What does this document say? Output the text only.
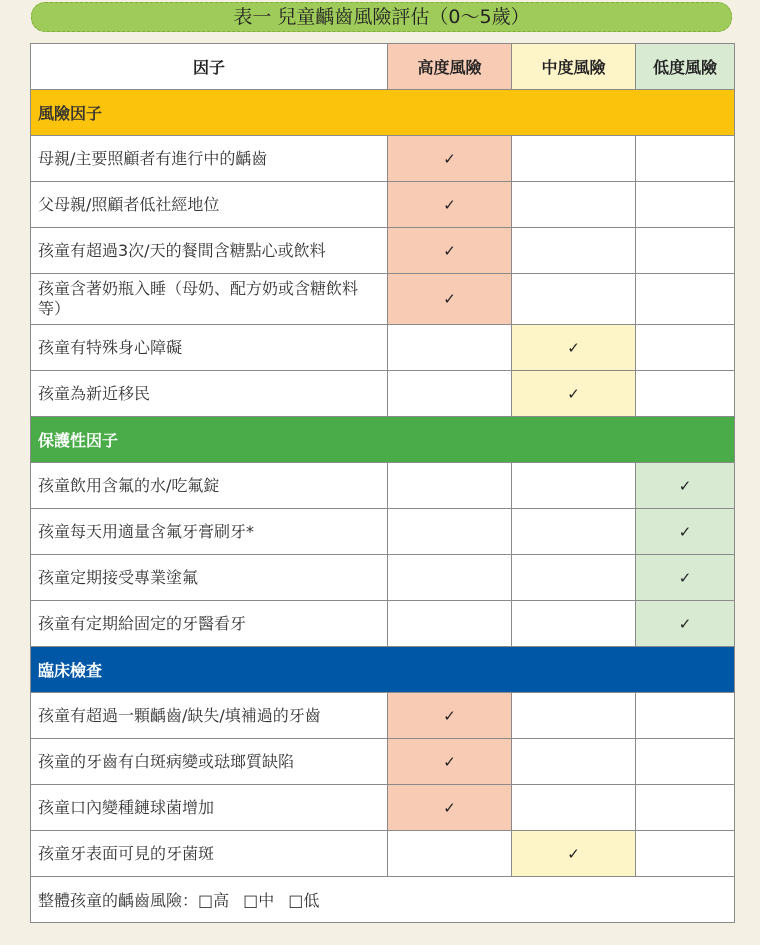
表一 兒童齲齒風險評估（0～5歲）
因子	高度風險	中度風險	低度風險
風險因子			
母親/主要照顧者有進行中的齲齒	✓		
父母親/照顧者低社經地位	✓		
孩童有超過3次/天的餐間含糖點心或飲料	✓		
孩童含著奶瓶入睡（母奶、配方奶或含糖飲料等）	✓		
孩童有特殊身心障礙		✓	
孩童為新近移民		✓	
保護性因子			
孩童飲用含氟的水/吃氟錠			✓
孩童每天用適量含氟牙膏刷牙*			✓
孩童定期接受專業塗氟			✓
孩童有定期給固定的牙醫看牙			✓
臨床檢查			
孩童有超過一顆齲齒/缺失/填補過的牙齒	✓		
孩童的牙齒有白斑病變或琺瑯質缺陷	✓		
孩童口內變種鏈球菌增加	✓		
孩童牙表面可見的牙菌斑		✓	
整體孩童的齲齒風險：□高 □中 □低			
